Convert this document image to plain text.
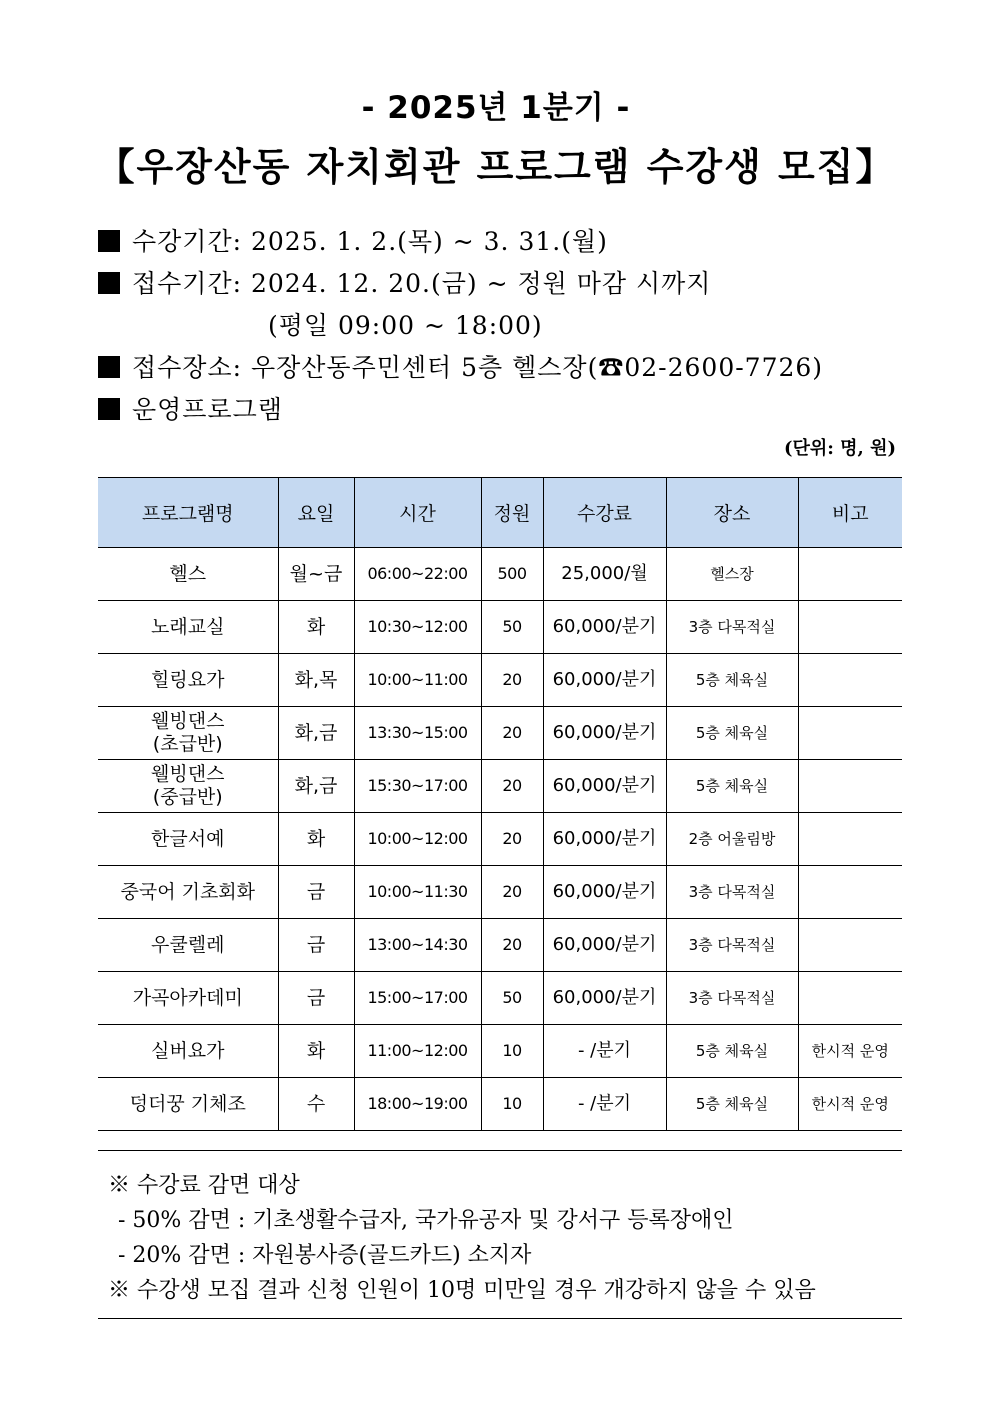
- 2025년 1분기 -
【우장산동 자치회관 프로그램 수강생 모집】
수강기간: 2025. 1. 2.(목) ~ 3. 31.(월)
접수기간: 2024. 12. 20.(금) ~ 정원 마감 시까지
(평일 09:00 ~ 18:00)
접수장소: 우장산동주민센터 5층 헬스장(☎02-2600-7726)
운영프로그램
(단위: 명, 원)
프로그램명	요일	시간	정원	수강료	장소	비고
헬스	월~금	06:00~22:00	500	25,000/월	헬스장	
노래교실	화	10:30~12:00	50	60,000/분기	3층 다목적실	
힐링요가	화,목	10:00~11:00	20	60,000/분기	5층 체육실	
웰빙댄스
(초급반)	화,금	13:30~15:00	20	60,000/분기	5층 체육실	
웰빙댄스
(중급반)	화,금	15:30~17:00	20	60,000/분기	5층 체육실	
한글서예	화	10:00~12:00	20	60,000/분기	2층 어울림방	
중국어 기초회화	금	10:00~11:30	20	60,000/분기	3층 다목적실	
우쿨렐레	금	13:00~14:30	20	60,000/분기	3층 다목적실	
가곡아카데미	금	15:00~17:00	50	60,000/분기	3층 다목적실	
실버요가	화	11:00~12:00	10	- /분기	5층 체육실	한시적 운영
덩더꿍 기체조	수	18:00~19:00	10	- /분기	5층 체육실	한시적 운영
※ 수강료 감면 대상
- 50% 감면 : 기초생활수급자, 국가유공자 및 강서구 등록장애인
- 20% 감면 : 자원봉사증(골드카드) 소지자
※ 수강생 모집 결과 신청 인원이 10명 미만일 경우 개강하지 않을 수 있음
